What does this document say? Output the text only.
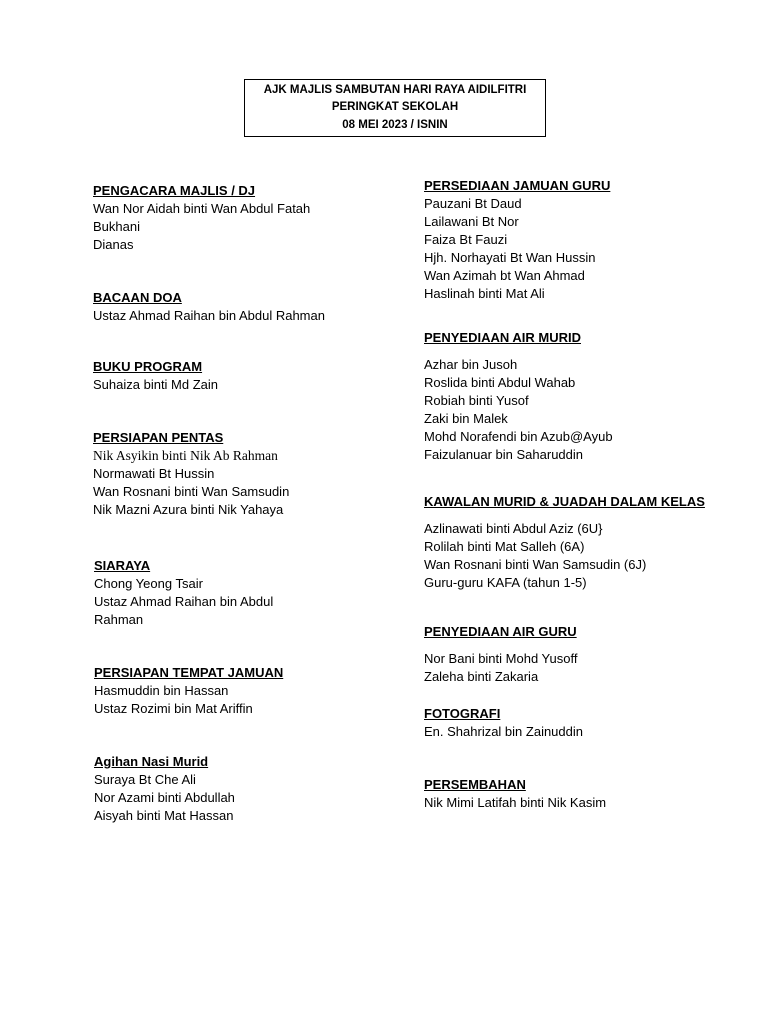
AJK MAJLIS SAMBUTAN HARI RAYA AIDILFITRI
PERINGKAT SEKOLAH
08 MEI 2023 / ISNIN
PENGACARA MAJLIS / DJ
Wan Nor Aidah binti Wan Abdul Fatah
Bukhani
Dianas
BACAAN DOA
Ustaz Ahmad Raihan bin Abdul Rahman
BUKU PROGRAM
Suhaiza binti Md Zain
PERSIAPAN PENTAS
Nik Asyikin binti Nik Ab Rahman
Normawati Bt Hussin
Wan Rosnani binti Wan Samsudin
Nik Mazni Azura binti Nik Yahaya
SIARAYA
Chong Yeong Tsair
Ustaz Ahmad Raihan bin Abdul
Rahman
PERSIAPAN TEMPAT JAMUAN
Hasmuddin bin Hassan
Ustaz Rozimi bin Mat Ariffin
Agihan Nasi Murid
Suraya Bt Che Ali
Nor Azami binti Abdullah
Aisyah binti Mat Hassan
PERSEDIAAN JAMUAN GURU
Pauzani Bt Daud
Lailawani Bt Nor
Faiza Bt Fauzi
Hjh. Norhayati Bt Wan Hussin
Wan Azimah bt Wan Ahmad
Haslinah binti Mat Ali
PENYEDIAAN AIR MURID
Azhar bin Jusoh
Roslida binti Abdul Wahab
Robiah binti Yusof
Zaki bin Malek
Mohd Norafendi bin Azub@Ayub
Faizulanuar bin Saharuddin
KAWALAN MURID & JUADAH DALAM KELAS
Azlinawati binti Abdul Aziz (6U}
Rolilah binti Mat Salleh (6A)
Wan Rosnani binti Wan Samsudin (6J)
Guru-guru KAFA (tahun 1-5)
PENYEDIAAN AIR GURU
Nor Bani binti Mohd Yusoff
Zaleha binti Zakaria
FOTOGRAFI
En. Shahrizal bin Zainuddin
PERSEMBAHAN
Nik Mimi Latifah binti Nik Kasim
